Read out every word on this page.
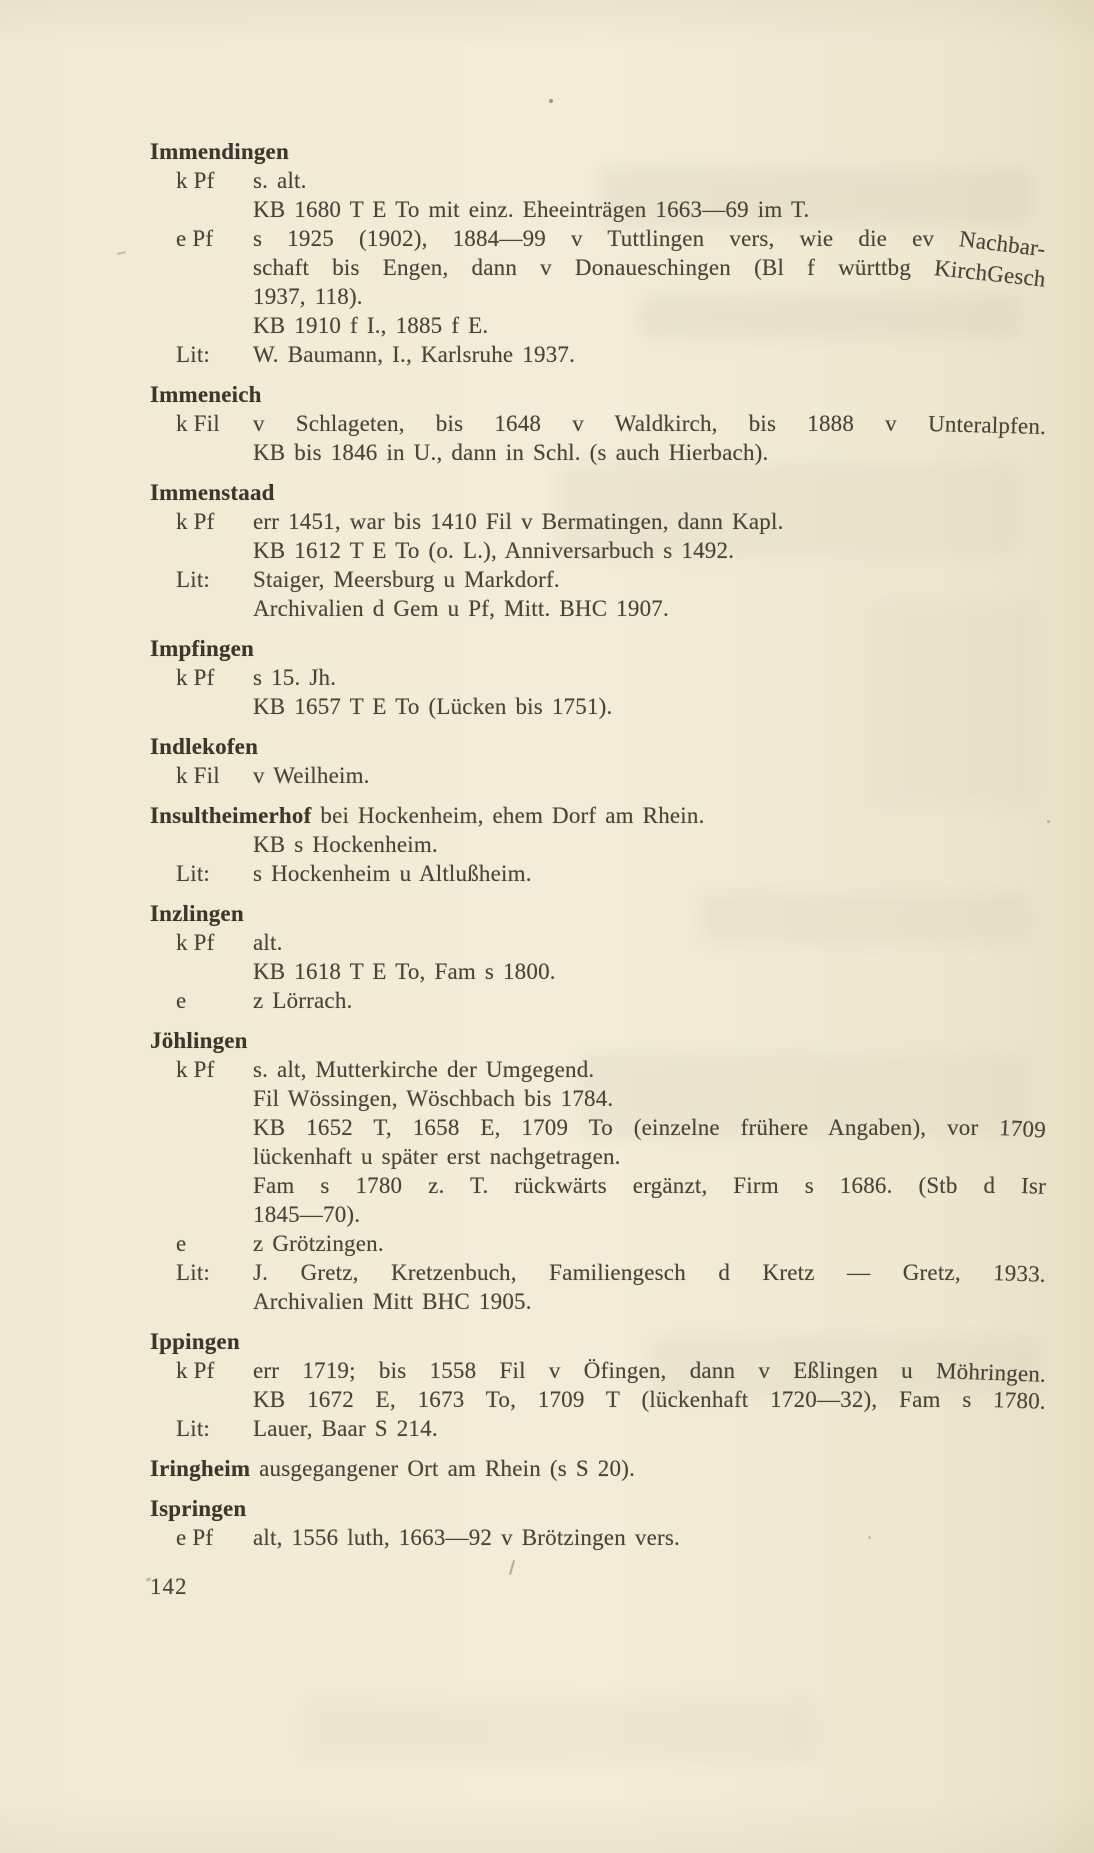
Immendingen
k Pf s. alt.
KB 1680 T E To mit einz. Eheeinträgen 1663—69 im T.
e Pf s 1925 (1902), 1884—99 v Tuttlingen vers, wie die ev Nachbar-
schaft bis Engen, dann v Donaueschingen (Bl f württbg KirchGesch
1937, 118).
KB 1910 f I., 1885 f E.
Lit: W. Baumann, I., Karlsruhe 1937.
Immeneich
k Fil v Schlageten, bis 1648 v Waldkirch, bis 1888 v Unteralpfen.
KB bis 1846 in U., dann in Schl. (s auch Hierbach).
Immenstaad
k Pf err 1451, war bis 1410 Fil v Bermatingen, dann Kapl.
KB 1612 T E To (o. L.), Anniversarbuch s 1492.
Lit: Staiger, Meersburg u Markdorf.
Archivalien d Gem u Pf, Mitt. BHC 1907.
Impfingen
k Pf s 15. Jh.
KB 1657 T E To (Lücken bis 1751).
Indlekofen
k Fil v Weilheim.
Insultheimerhof bei Hockenheim, ehem Dorf am Rhein.
KB s Hockenheim.
Lit: s Hockenheim u Altlußheim.
Inzlingen
k Pf alt.
KB 1618 T E To, Fam s 1800.
e	z Lörrach.
Jöhlingen
k Pf s. alt, Mutterkirche der Umgegend.
Fil Wössingen, Wöschbach bis 1784.
KB 1652 T, 1658 E, 1709 To (einzelne frühere Angaben), vor 1709
lückenhaft u später erst nachgetragen.
Fam s 1780 z. T. rückwärts ergänzt, Firm s 1686. (Stb d Isr
1845—70).
e	z Grötzingen.
Lit: J. Gretz, Kretzenbuch, Familiengesch d Kretz — Gretz, 1933.
Archivalien Mitt BHC 1905.
Ippingen
k Pf err 1719; bis 1558 Fil v Öfingen, dann v Eßlingen u Möhringen.
KB 1672 E, 1673 To, 1709 T (lückenhaft 1720—32), Fam s 1780.
Lit: Lauer, Baar S 214.
Iringheim ausgegangener Ort am Rhein (s S 20).
Ispringen
e Pf alt, 1556 luth, 1663—92 v Brötzingen vers.
142
